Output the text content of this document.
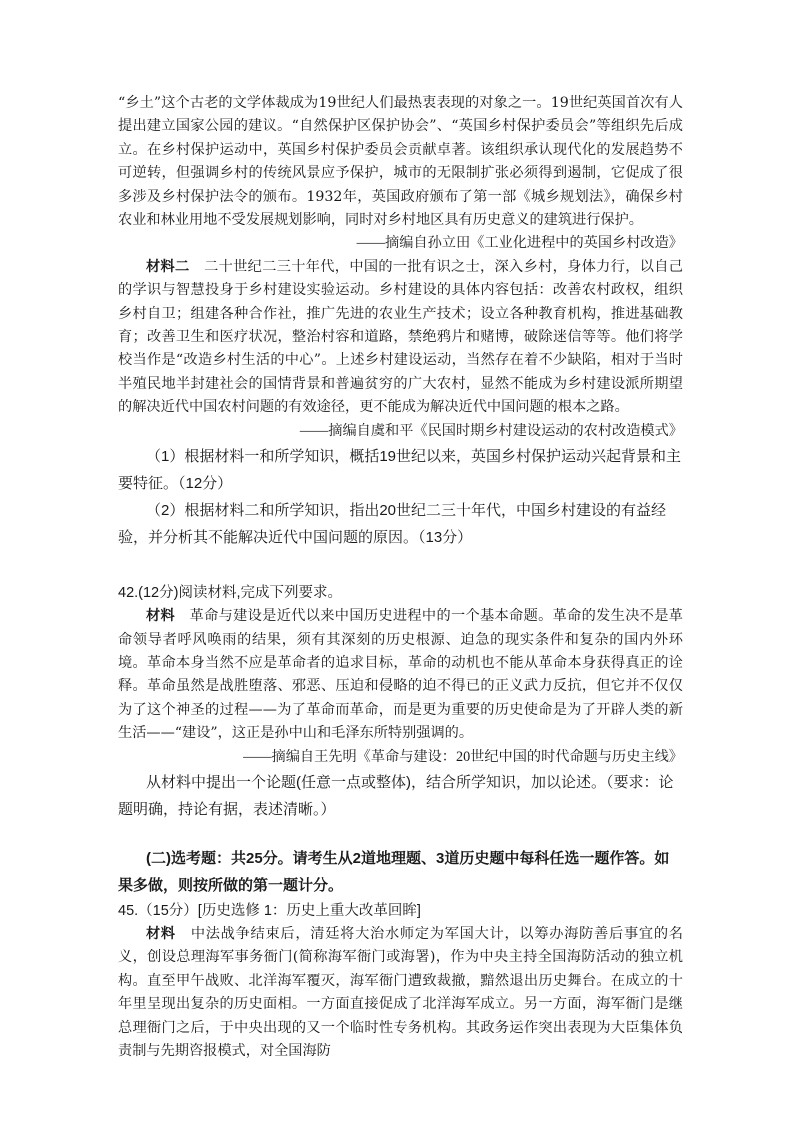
“乡土”这个古老的文学体裁成为19世纪人们最热衷表现的对象之一。19世纪英国首次有人提出建立国家公园的建议。“自然保护区保护协会”、“英国乡村保护委员会”等组织先后成立。在乡村保护运动中，英国乡村保护委员会贡献卓著。该组织承认现代化的发展趋势不可逆转，但强调乡村的传统风景应予保护，城市的无限制扩张必须得到遏制，它促成了很多涉及乡村保护法令的颁布。1932年，英国政府颁布了第一部《城乡规划法》，确保乡村农业和林业用地不受发展规划影响，同时对乡村地区具有历史意义的建筑进行保护。

——摘编自孙立田《工业化进程中的英国乡村改造》

材料二　 二十世纪二三十年代，中国的一批有识之士，深入乡村，身体力行，以自己的学识与智慧投身于乡村建设实验运动。乡村建设的具体内容包括：改善农村政权，组织乡村自卫；组建各种合作社，推广先进的农业生产技术；设立各种教育机构，推进基础教育；改善卫生和医疗状况，整治村容和道路，禁绝鸦片和赌博，破除迷信等等。他们将学校当作是“改造乡村生活的中心”。上述乡村建设运动，当然存在着不少缺陷，相对于当时半殖民地半封建社会的国情背景和普遍贫穷的广大农村，显然不能成为乡村建设派所期望的解决近代中国农村问题的有效途径，更不能成为解决近代中国问题的根本之路。

——摘编自虞和平《民国时期乡村建设运动的农村改造模式》

（1）根据材料一和所学知识，概括19世纪以来，英国乡村保护运动兴起背景和主要特征。（12分）

（2）根据材料二和所学知识，指出20世纪二三十年代，中国乡村建设的有益经验，并分析其不能解决近代中国问题的原因。（13分）

42.(12分)阅读材料,完成下列要求。

材料　 革命与建设是近代以来中国历史进程中的一个基本命题。革命的发生决不是革命领导者呼风唤雨的结果，须有其深刻的历史根源、迫急的现实条件和复杂的国内外环境。革命本身当然不应是革命者的追求目标，革命的动机也不能从革命本身获得真正的诠释。革命虽然是战胜堕落、邪恶、压迫和侵略的迫不得已的正义武力反抗，但它并不仅仅为了这个神圣的过程——为了革命而革命，而是更为重要的历史使命是为了开辟人类的新生活——“建设”，这正是孙中山和毛泽东所特别强调的。

——摘编自王先明《革命与建设：20世纪中国的时代命题与历史主线》

从材料中提出一个论题(任意一点或整体)，结合所学知识，加以论述。（要求：论题明确，持论有据，表述清晰。）

(二)选考题：共25分。请考生从2道地理题、3道历史题中每科任选一题作答。如果多做，则按所做的第一题计分。

45.（15分）[历史选修 1：历史上重大改革回眸]

材料　 中法战争结束后，清廷将大治水师定为军国大计，以筹办海防善后事宜的名义，创设总理海军事务衙门(简称海军衙门或海署)，作为中央主持全国海防活动的独立机构。直至甲午战败、北洋海军覆灭，海军衙门遭致裁撤，黯然退出历史舞台。在成立的十年里呈现出复杂的历史面相。一方面直接促成了北洋海军成立。另一方面，海军衙门是继总理衙门之后，于中央出现的又一个临时性专务机构。其政务运作突出表现为大臣集体负责制与先期咨报模式，对全国海防
